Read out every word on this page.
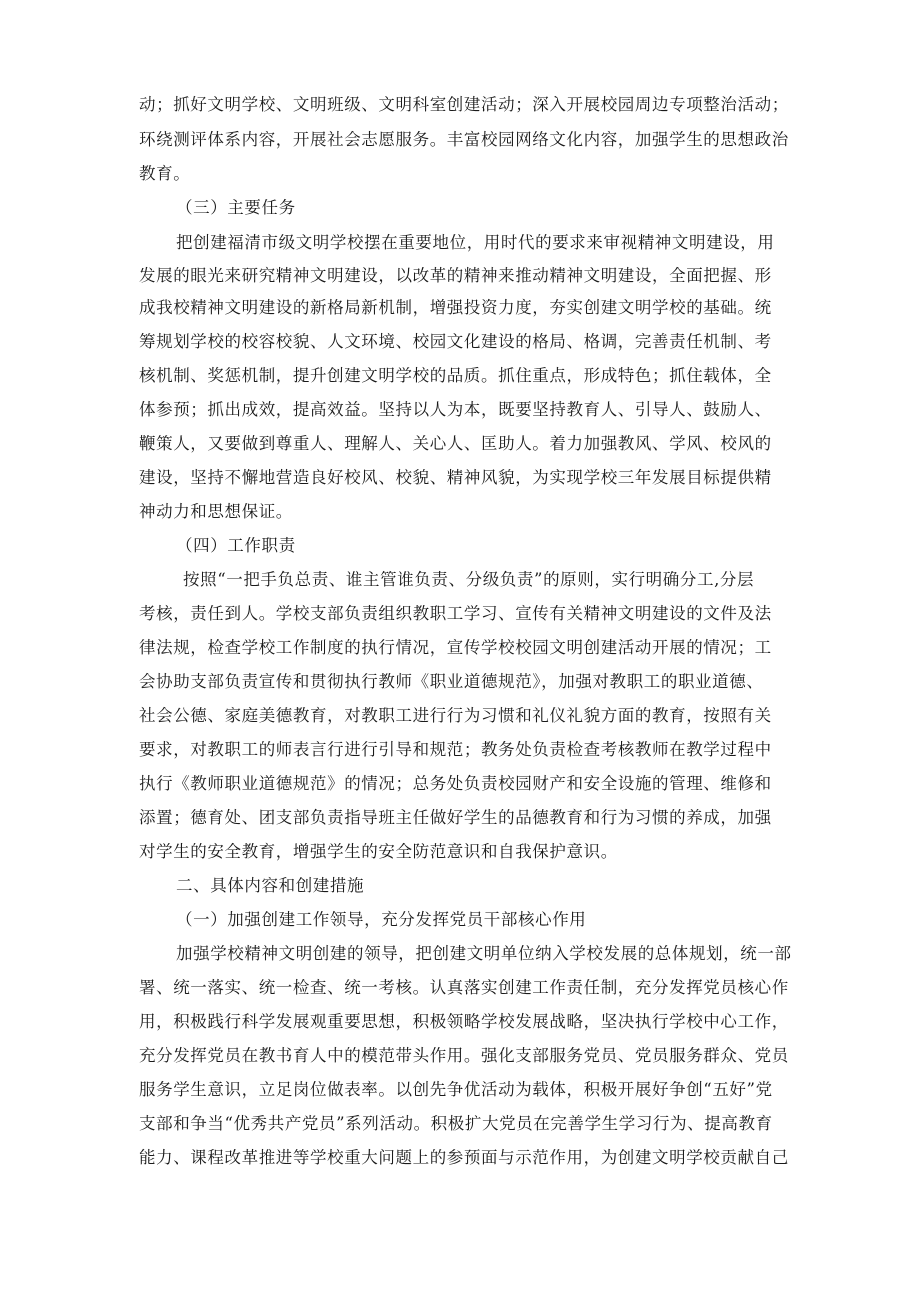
动；抓好文明学校、文明班级、文明科室创建活动；深入开展校园周边专项整治活动；
环绕测评体系内容，开展社会志愿服务。丰富校园网络文化内容，加强学生的思想政治
教育。
（三）主要任务
把创建福清市级文明学校摆在重要地位，用时代的要求来审视精神文明建设，用
发展的眼光来研究精神文明建设，以改革的精神来推动精神文明建设，全面把握、形
成我校精神文明建设的新格局新机制，增强投资力度，夯实创建文明学校的基础。统
筹规划学校的校容校貌、人文环境、校园文化建设的格局、格调，完善责任机制、考
核机制、奖惩机制，提升创建文明学校的品质。抓住重点，形成特色；抓住载体，全
体参预；抓出成效，提高效益。坚持以人为本，既要坚持教育人、引导人、鼓励人、
鞭策人，又要做到尊重人、理解人、关心人、匡助人。着力加强教风、学风、校风的
建设，坚持不懈地营造良好校风、校貌、精神风貌，为实现学校三年发展目标提供精
神动力和思想保证。
（四）工作职责
按照“一把手负总责、谁主管谁负责、分级负责”的原则，实行明确分工,分层
考核，责任到人。学校支部负责组织教职工学习、宣传有关精神文明建设的文件及法
律法规，检查学校工作制度的执行情况，宣传学校校园文明创建活动开展的情况；工
会协助支部负责宣传和贯彻执行教师《职业道德规范》，加强对教职工的职业道德、
社会公德、家庭美德教育，对教职工进行行为习惯和礼仪礼貌方面的教育，按照有关
要求，对教职工的师表言行进行引导和规范；教务处负责检查考核教师在教学过程中
执行《教师职业道德规范》的情况；总务处负责校园财产和安全设施的管理、维修和
添置；德育处、团支部负责指导班主任做好学生的品德教育和行为习惯的养成，加强
对学生的安全教育，增强学生的安全防范意识和自我保护意识。
二、具体内容和创建措施
（一）加强创建工作领导，充分发挥党员干部核心作用
加强学校精神文明创建的领导，把创建文明单位纳入学校发展的总体规划，统一部
署、统一落实、统一检查、统一考核。认真落实创建工作责任制，充分发挥党员核心作
用，积极践行科学发展观重要思想，积极领略学校发展战略，坚决执行学校中心工作，
充分发挥党员在教书育人中的模范带头作用。强化支部服务党员、党员服务群众、党员
服务学生意识，立足岗位做表率。以创先争优活动为载体，积极开展好争创“五好”党
支部和争当“优秀共产党员”系列活动。积极扩大党员在完善学生学习行为、提高教育
能力、课程改革推进等学校重大问题上的参预面与示范作用，为创建文明学校贡献自己
